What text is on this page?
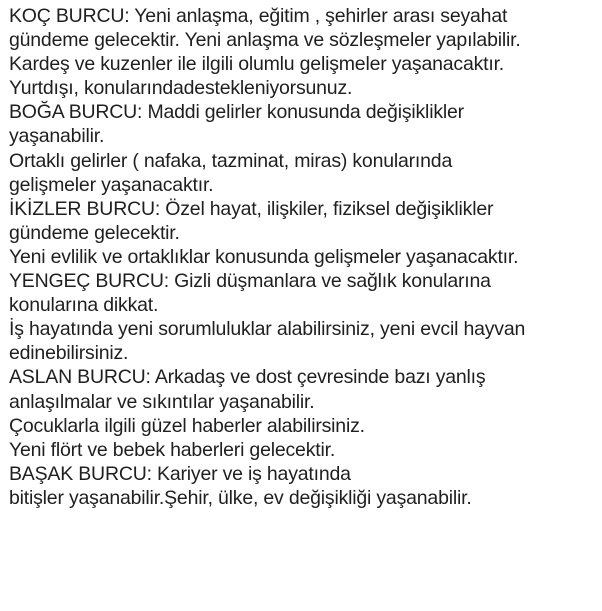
KOÇ BURCU: Yeni anlaşma, eğitim , şehirler arası seyahat
gündeme gelecektir. Yeni anlaşma ve sözleşmeler yapılabilir.
Kardeş ve kuzenler ile ilgili olumlu gelişmeler yaşanacaktır.
Yurtdışı, konularındadestekleniyorsunuz.
BOĞA BURCU: Maddi gelirler konusunda değişiklikler
yaşanabilir.
Ortaklı gelirler ( nafaka, tazminat, miras) konularında
gelişmeler yaşanacaktır.
İKİZLER BURCU: Özel hayat, ilişkiler, fiziksel değişiklikler
gündeme gelecektir.
Yeni evlilik ve ortaklıklar konusunda gelişmeler yaşanacaktır.
YENGEÇ BURCU: Gizli düşmanlara ve sağlık konularına
konularına dikkat.
İş hayatında yeni sorumluluklar alabilirsiniz, yeni evcil hayvan
edinebilirsiniz.
ASLAN BURCU: Arkadaş ve dost çevresinde bazı yanlış
anlaşılmalar ve sıkıntılar yaşanabilir.
Çocuklarla ilgili güzel haberler alabilirsiniz.
Yeni flört ve bebek haberleri gelecektir.
BAŞAK BURCU: Kariyer ve iş hayatında
bitişler yaşanabilir.Şehir, ülke, ev değişikliği yaşanabilir.
